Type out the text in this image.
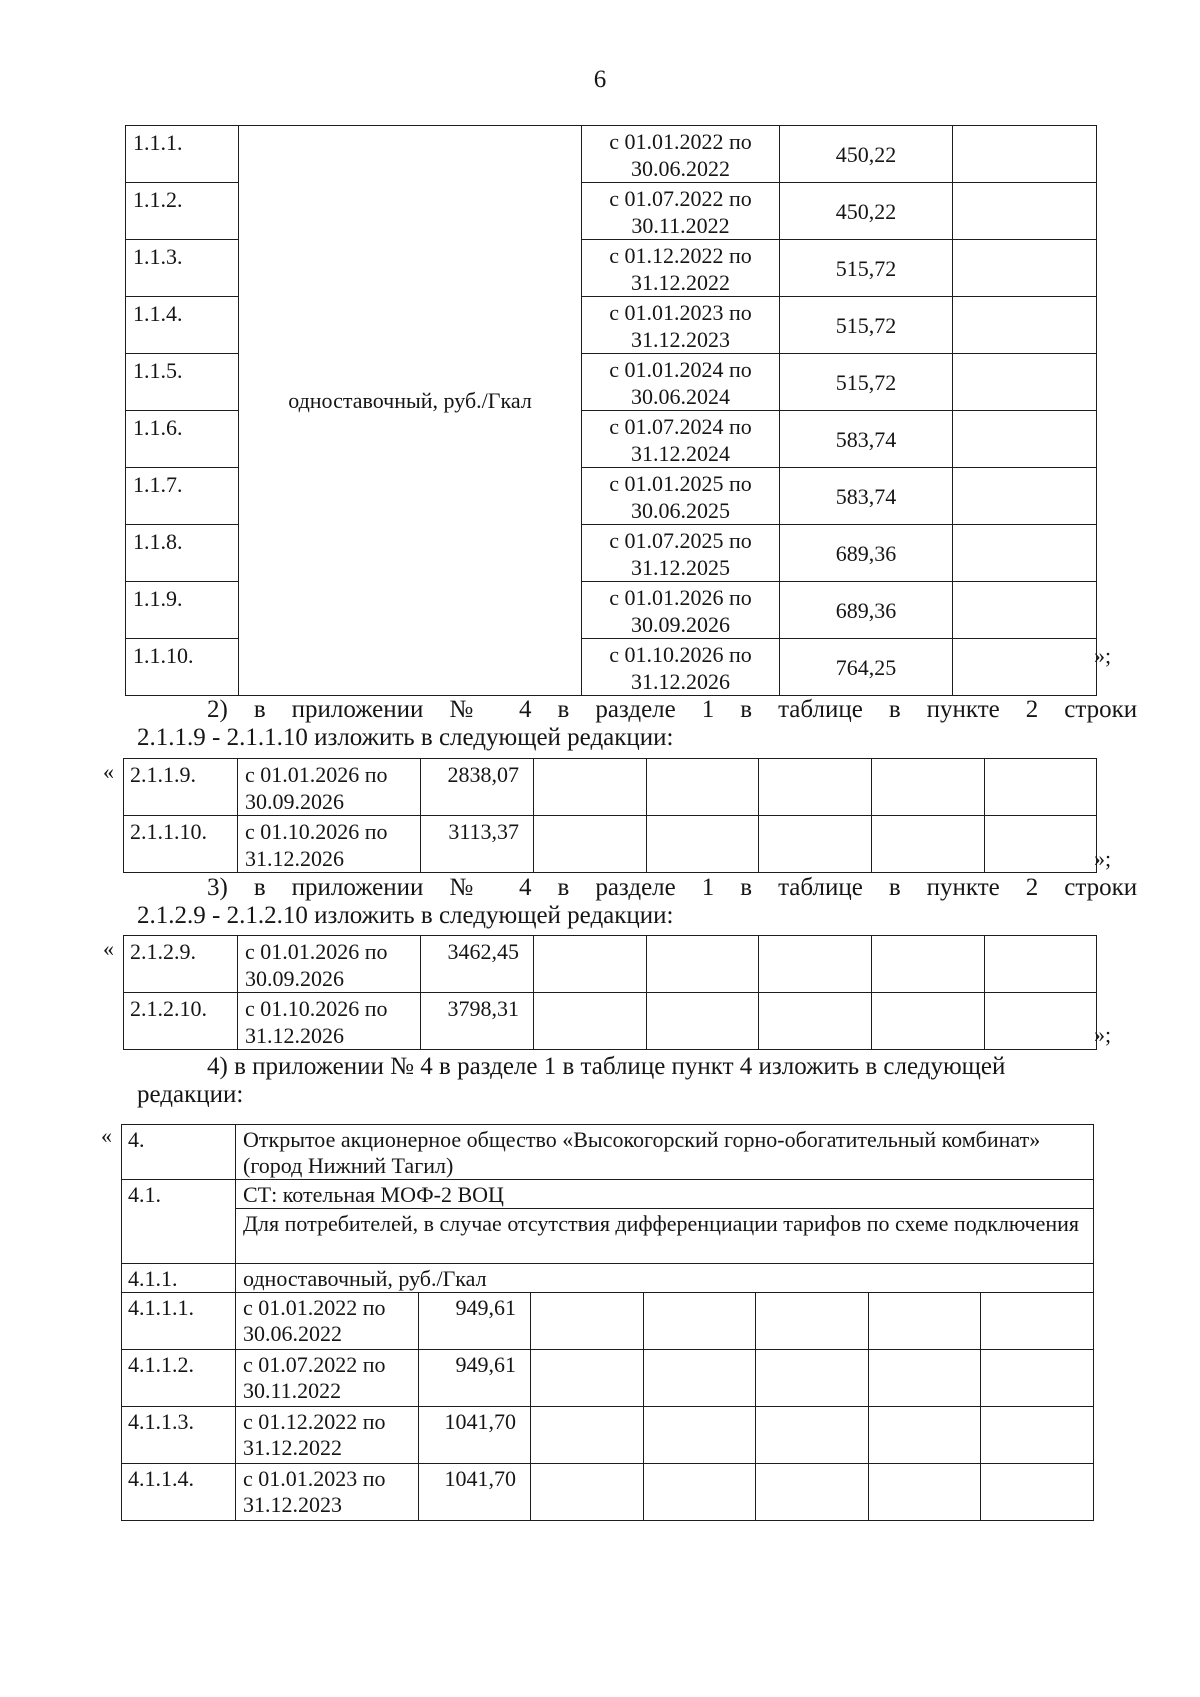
6
1.1.1.	одноставочный, руб./Гкал	с 01.01.2022 по
30.06.2022	450,22	
1.1.2.		с 01.07.2022 по
30.11.2022	450,22	
1.1.3.		с 01.12.2022 по
31.12.2022	515,72	
1.1.4.		с 01.01.2023 по
31.12.2023	515,72	
1.1.5.		с 01.01.2024 по
30.06.2024	515,72	
1.1.6.		с 01.07.2024 по
31.12.2024	583,74	
1.1.7.		с 01.01.2025 по
30.06.2025	583,74	
1.1.8.		с 01.07.2025 по
31.12.2025	689,36	
1.1.9.		с 01.01.2026 по
30.09.2026	689,36	
1.1.10.		с 01.10.2026 по
31.12.2026	764,25		»;
2) в приложении № 4 в разделе 1 в таблице в пункте 2 строки
2.1.1.9 - 2.1.1.10 изложить в следующей редакции:
« 2.1.1.9.	с 01.01.2026 по
30.09.2026	2838,07					
2.1.1.10.	с 01.10.2026 по
31.12.2026	3113,37					
»;
3) в приложении № 4 в разделе 1 в таблице в пункте 2 строки
2.1.2.9 - 2.1.2.10 изложить в следующей редакции:
« 2.1.2.9.	с 01.01.2026 по
30.09.2026	3462,45					
2.1.2.10.	с 01.10.2026 по
31.12.2026	3798,31					
»;
4) в приложении № 4 в разделе 1 в таблице пункт 4 изложить в следующей
редакции:
« 4.	Открытое акционерное общество «Высокогорский горно-обогатительный комбинат» (город Нижний Тагил)						
4.1.	СТ: котельная МОФ-2 ВОЦ						
	Для потребителей, в случае отсутствия дифференциации тарифов по схеме подключения						
4.1.1.	одноставочный, руб./Гкал						
4.1.1.1.	с 01.01.2022 по
30.06.2022	949,61					
4.1.1.2.	с 01.07.2022 по
30.11.2022	949,61					
4.1.1.3.	с 01.12.2022 по
31.12.2022	1041,70					
4.1.1.4.	с 01.01.2023 по
31.12.2023	1041,70					
